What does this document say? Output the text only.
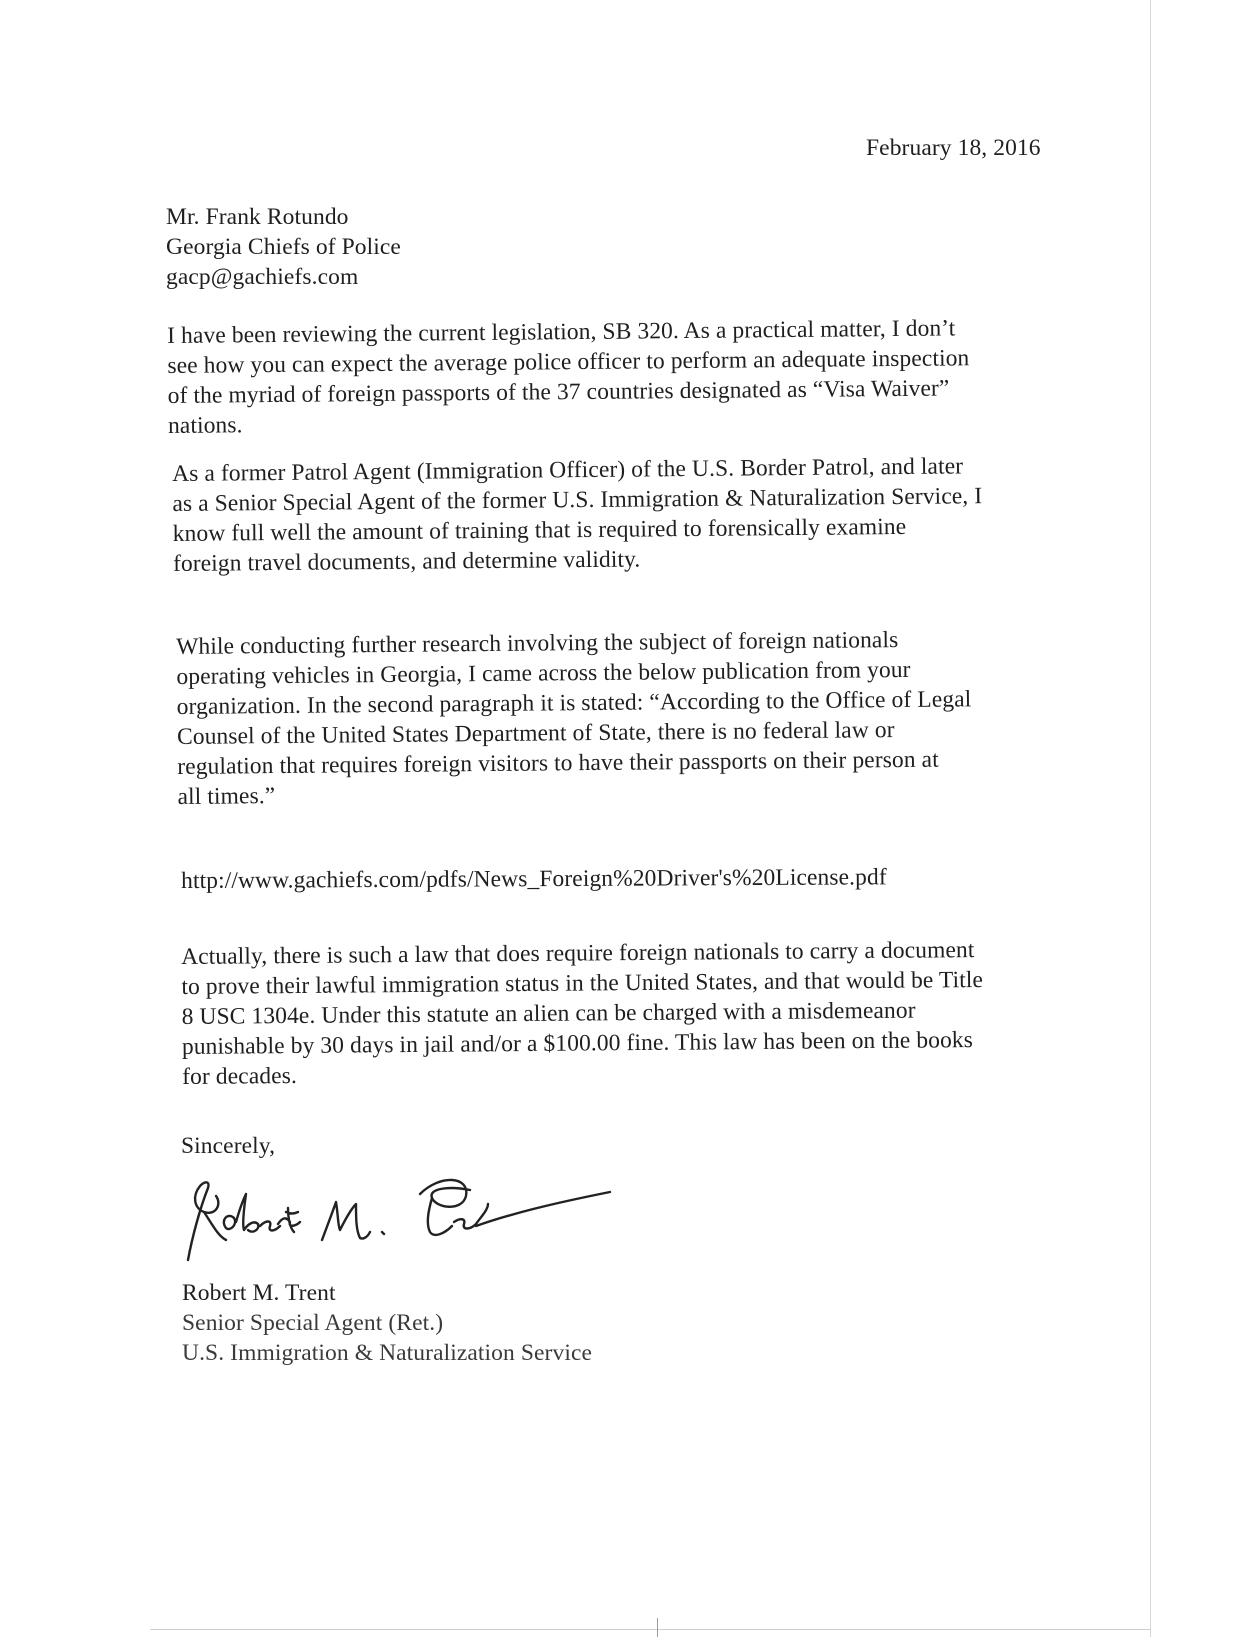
February 18, 2016
Mr. Frank Rotundo
Georgia Chiefs of Police
gacp@gachiefs.com
I have been reviewing the current legislation, SB 320. As a practical matter, I don’t
see how you can expect the average police officer to perform an adequate inspection
of the myriad of foreign passports of the 37 countries designated as “Visa Waiver”
nations.
As a former Patrol Agent (Immigration Officer) of the U.S. Border Patrol, and later
as a Senior Special Agent of the former U.S. Immigration & Naturalization Service, I
know full well the amount of training that is required to forensically examine
foreign travel documents, and determine validity.
While conducting further research involving the subject of foreign nationals
operating vehicles in Georgia, I came across the below publication from your
organization. In the second paragraph it is stated: “According to the Office of Legal
Counsel of the United States Department of State, there is no federal law or
regulation that requires foreign visitors to have their passports on their person at
all times.”
http://www.gachiefs.com/pdfs/News_Foreign%20Driver's%20License.pdf
Actually, there is such a law that does require foreign nationals to carry a document
to prove their lawful immigration status in the United States, and that would be Title
8 USC 1304e. Under this statute an alien can be charged with a misdemeanor
punishable by 30 days in jail and/or a $100.00 fine. This law has been on the books
for decades.
Sincerely,
Robert M. Trent
Senior Special Agent (Ret.)
U.S. Immigration & Naturalization Service
